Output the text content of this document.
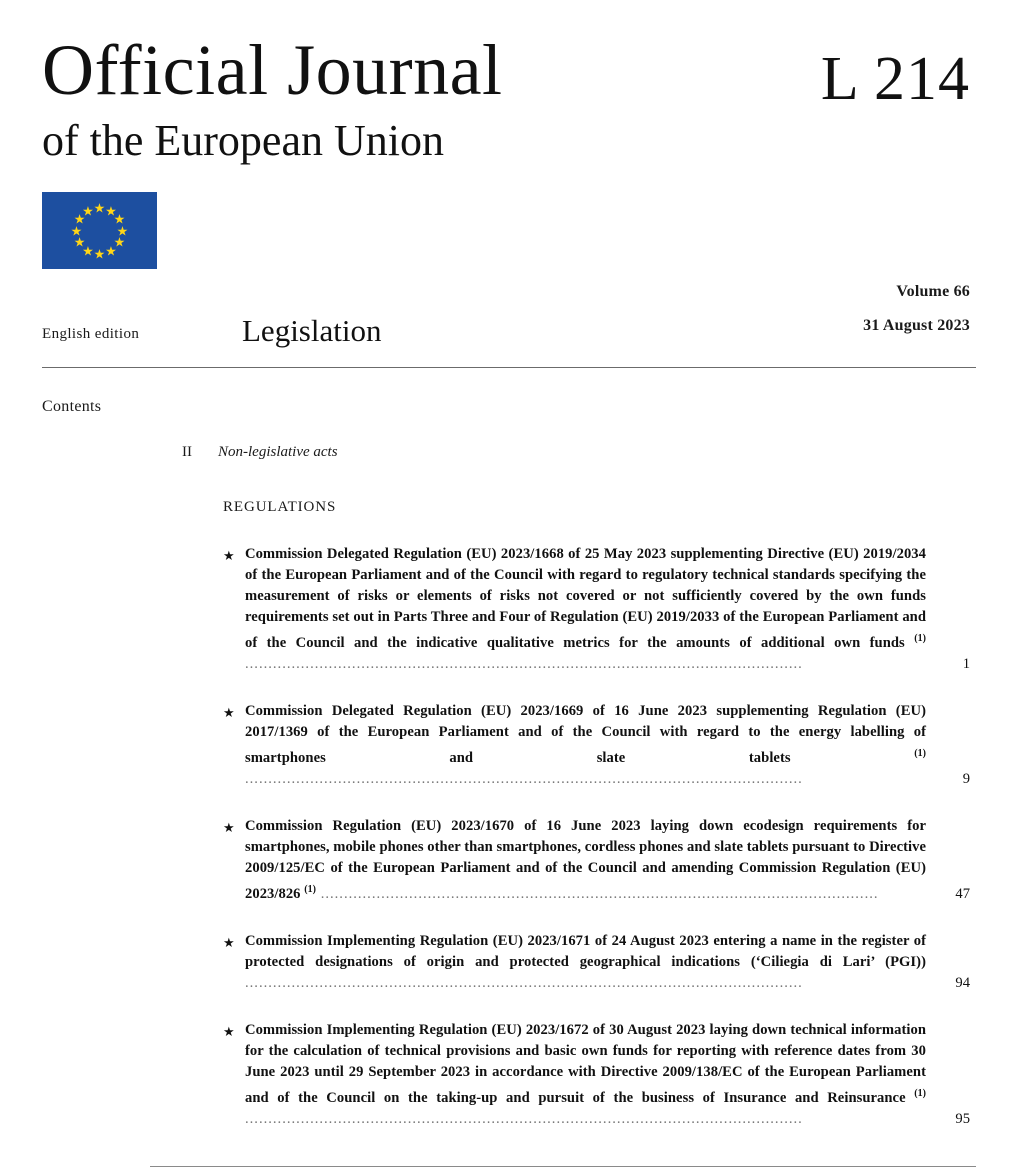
Official Journal
of the European Union
L 214
★ ★
★
★
★
★
★
★
★
★
★
★
English edition	Legislation
Volume 66
31 August 2023
Contents
II Non-legislative acts
REGULATIONS
★ Commission Delegated Regulation (EU) 2023/1668 of 25 May 2023 supplementing Directive (EU) 2019/2034 of the European Parliament and of the Council with regard to regulatory technical standards specifying the measurement of risks or elements of risks not covered or not sufficiently covered by the own funds requirements set out in Parts Three and Four of Regulation (EU) 2019/2033 of the European Parliament and of the Council and the indicative qualitative metrics for the amounts of additional own funds $^{(1)}$ ........................................................................................................................	1
★ Commission Delegated Regulation (EU) 2023/1669 of 16 June 2023 supplementing Regulation (EU) 2017/1369 of the European Parliament and of the Council with regard to the energy labelling of smartphones and slate tablets $^{(1)}$ ........................................................................................................................	9
★ Commission Regulation (EU) 2023/1670 of 16 June 2023 laying down ecodesign requirements for smartphones, mobile phones other than smartphones, cordless phones and slate tablets pursuant to Directive 2009/125/EC of the European Parliament and of the Council and amending Commission Regulation (EU) 2023/826 $^{(1)}$ ........................................................................................................................	47
★ Commission Implementing Regulation (EU) 2023/1671 of 24 August 2023 entering a name in the register of protected designations of origin and protected geographical indications (‘Ciliegia di Lari’ (PGI)) ........................................................................................................................	94
★ Commission Implementing Regulation (EU) 2023/1672 of 30 August 2023 laying down technical information for the calculation of technical provisions and basic own funds for reporting with reference dates from 30 June 2023 until 29 September 2023 in accordance with Directive 2009/138/EC of the European Parliament and of the Council on the taking-up and pursuit of the business of Insurance and Reinsurance $^{(1)}$ ........................................................................................................................	95
